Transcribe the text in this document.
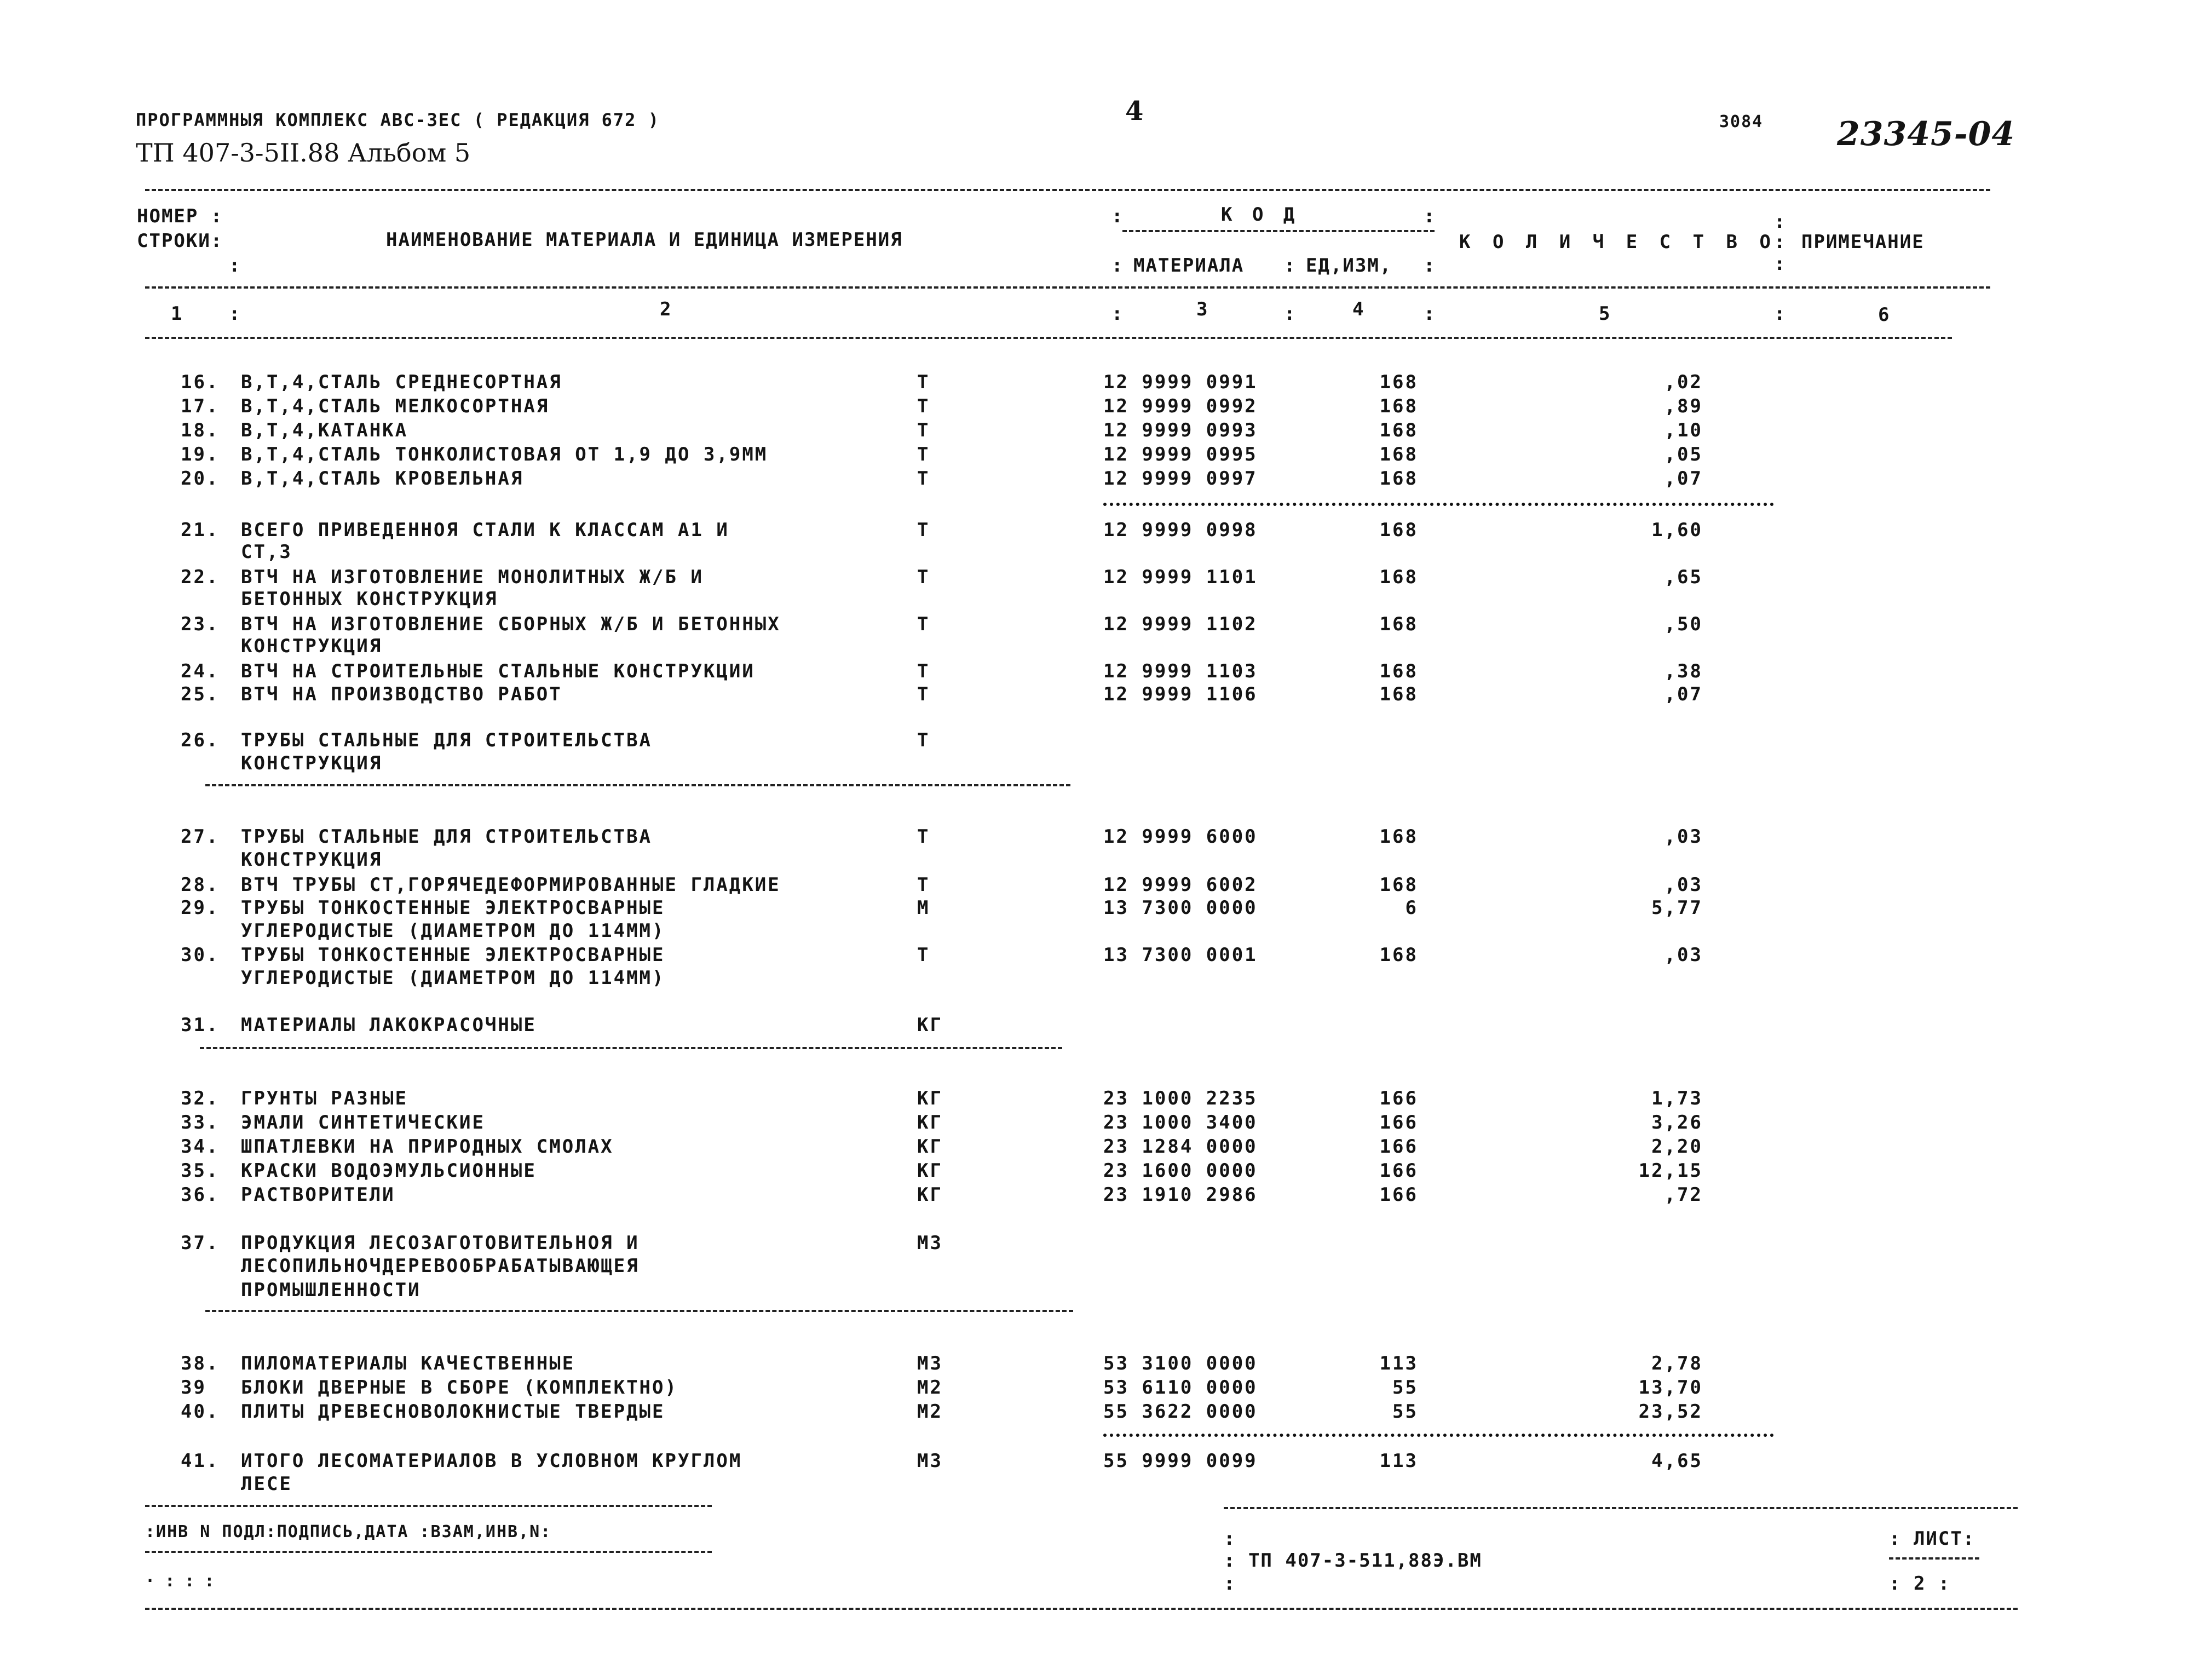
ПРОГРАММНЫЯ КОМПЛЕКС АВС-ЗЕС ( РЕДАКЦИЯ 672 )	4	3084 23345-04
ТП 407-3-5II.88 Альбом 5
НОМЕР :
СТРОКИ:
:
НАИМЕНОВАНИЕ МАТЕРИАЛА И ЕДИНИЦА ИЗМЕРЕНИЯ
:	К О Д	:
: МАТЕРИАЛА : ЕД,ИЗМ, :
К О Л И Ч Е С Т В О
:
:
:
ПРИМЕЧАНИЕ
1 :	2	:	3	:	4	:	5	:	6
16. В,Т,4,СТАЛЬ СРЕДНЕСОРТНАЯ	Т	12 9999 0991	168	,02
17. В,Т,4,СТАЛЬ МЕЛКОСОРТНАЯ	Т	12 9999 0992	168	,89
18. В,Т,4,КАТАНКА	Т	12 9999 0993	168	,10
19. В,Т,4,СТАЛЬ ТОНКОЛИСТОВАЯ ОТ 1,9 ДО 3,9ММ	Т	12 9999 0995	168	,05
20. В,Т,4,СТАЛЬ КРОВЕЛЬНАЯ	Т	12 9999 0997	168	,07
21. ВСЕГО ПРИВЕДЕННОЯ СТАЛИ К КЛАССАМ А1 И	Т	12 9999 0998	168	1,60
СТ,3
22. ВТЧ НА ИЗГОТОВЛЕНИЕ МОНОЛИТНЫХ Ж/Б И	Т	12 9999 1101	168	,65
БЕТОННЫХ КОНСТРУКЦИЯ
23. ВТЧ НА ИЗГОТОВЛЕНИЕ СБОРНЫХ Ж/Б И БЕТОННЫХ	Т	12 9999 1102	168	,50
КОНСТРУКЦИЯ
24. ВТЧ НА СТРОИТЕЛЬНЫЕ СТАЛЬНЫЕ КОНСТРУКЦИИ	Т	12 9999 1103	168	,38
25. ВТЧ НА ПРОИЗВОДСТВО РАБОТ	Т	12 9999 1106	168	,07
26. ТРУБЫ СТАЛЬНЫЕ ДЛЯ СТРОИТЕЛЬСТВА	Т
КОНСТРУКЦИЯ
27. ТРУБЫ СТАЛЬНЫЕ ДЛЯ СТРОИТЕЛЬСТВА	Т	12 9999 6000	168	,03
КОНСТРУКЦИЯ
28. ВТЧ ТРУБЫ СТ,ГОРЯЧЕДЕФОРМИРОВАННЫЕ ГЛАДКИЕ	Т	12 9999 6002	168	,03
29. ТРУБЫ ТОНКОСТЕННЫЕ ЭЛЕКТРОСВАРНЫЕ	М	13 7300 0000	6	5,77
УГЛЕРОДИСТЫЕ (ДИАМЕТРОМ ДО 114ММ)
30. ТРУБЫ ТОНКОСТЕННЫЕ ЭЛЕКТРОСВАРНЫЕ	Т	13 7300 0001	168	,03
УГЛЕРОДИСТЫЕ (ДИАМЕТРОМ ДО 114ММ)
31. МАТЕРИАЛЫ ЛАКОКРАСОЧНЫЕ	КГ
32. ГРУНТЫ РАЗНЫЕ	КГ	23 1000 2235	166	1,73
33. ЭМАЛИ СИНТЕТИЧЕСКИЕ	КГ	23 1000 3400	166	3,26
34. ШПАТЛЕВКИ НА ПРИРОДНЫХ СМОЛАХ	КГ	23 1284 0000	166	2,20
35. КРАСКИ ВОДОЭМУЛЬСИОННЫЕ	КГ	23 1600 0000	166	12,15
36. РАСТВОРИТЕЛИ	КГ	23 1910 2986	166	,72
37. ПРОДУКЦИЯ ЛЕСОЗАГОТОВИТЕЛЬНОЯ И	М3
ЛЕСОПИЛЬНОЧДЕРЕВООБРАБАТЫВАЮЩЕЯ
ПРОМЫШЛЕННОСТИ
38. ПИЛОМАТЕРИАЛЫ КАЧЕСТВЕННЫЕ	М3	53 3100 0000	113	2,78
39 БЛОКИ ДВЕРНЫЕ В СБОРЕ (КОМПЛЕКТНО)	М2	53 6110 0000	55	13,70
40. ПЛИТЫ ДРЕВЕСНОВОЛОКНИСТЫЕ ТВЕРДЫЕ	М2	55 3622 0000	55	23,52
41. ИТОГО ЛЕСОМАТЕРИАЛОВ В УСЛОВНОМ КРУГЛОМ	М3	55 9999 0099	113	4,65
ЛЕСЕ
:ИНВ N ПОДЛ:ПОДПИСЬ,ДАТА :ВЗАМ,ИНВ,N:
· : : :
:
: ТП 407-3-511,88Э.ВМ
:
: ЛИСТ:
: 2 :
